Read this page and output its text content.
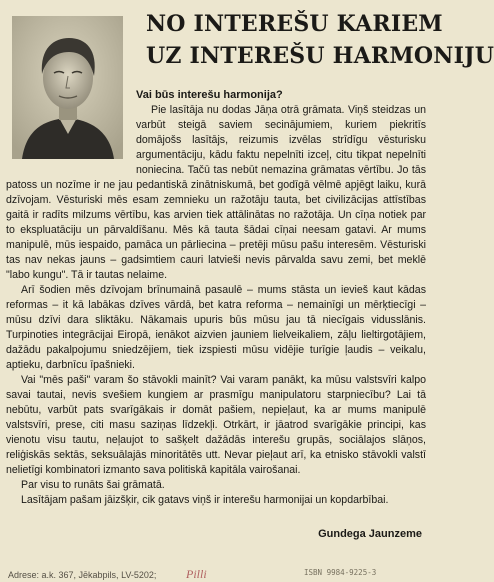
NO INTEREŠU KARIEM
UZ INTEREŠU HARMONIJU

Vai būs interešu harmonija?

Pie lasītāja nu dodas Jāņa otrā grāmata. Viņš steidzas un varbūt steigā saviem secinājumiem, kuriem piekritīs domājošs lasītājs, reizumis izvēlas strīdīgu vēsturisku argumentāciju, kādu faktu nepelnīti izceļ, citu tikpat nepelnīti noniecina. Tačū tas nebūt nemazina grāmatas vērtību. Jo tās patoss un nozīme ir ne jau pedantiskā zinātniskumā, bet godīgā vēlmē apjēgt laiku, kurā dzīvojam. Vēsturiski mēs esam zemnieku un ražotāju tauta, bet civilizācijas attīstības gaitā ir radīts milzums vērtību, kas arvien tiek attālinātas no ražotāja. Un cīņa notiek par to ekspluatāciju un pārvaldīšanu. Mēs kā tauta šādai cīņai neesam gatavi. Ar mums manipulē, mūs iespaido, pamāca un pārliecina – pretēji mūsu pašu interesēm. Vēsturiski tas nav nekas jauns – gadsimtiem cauri latvieši nevis pārvalda savu zemi, bet meklē "labo kungu". Tā ir tautas nelaime.

Arī šodien mēs dzīvojam brīnumainā pasaulē – mums stāsta un ievieš kaut kādas reformas – it kā labākas dzīves vārdā, bet katra reforma – nemainīgi un mērķtiecīgi – mūsu dzīvi dara sliktāku. Nākamais upuris būs mūsu jau tā niecīgais vidusslānis. Turpinoties integrācijai Eiropā, ienākot aizvien jauniem lielveikaliem, zāļu lieltirgotājiem, dažādu pakalpojumu sniedzējiem, tiek izspiesti mūsu vidējie turīgie ļaudis – veikalu, aptieku, darbnīcu īpašnieki.

Vai "mēs paši" varam šo stāvokli mainīt? Vai varam panākt, ka mūsu valstsvīri kalpo savai tautai, nevis svešiem kungiem ar prasmīgu manipulatoru starpniecību? Lai tā nebūtu, varbūt pats svarīgākais ir domāt pašiem, nepieļaut, ka ar mums manipulē valstsvīri, prese, citi masu saziņas līdzekļi. Otrkārt, ir jāatrod svarīgākie principi, kas vienotu visu tautu, neļaujot to sašķelt dažādās interešu grupās, sociālajos slāņos, reliģiskās sektās, seksuālajās minoritātēs utt. Nevar pieļaut arī, ka etnisko stāvokli valstī nelietīgi kombinatori izmanto sava politiskā kapitāla vairošanai.

Par visu to runāts šai grāmatā.

Lasītājam pašam jāizšķir, cik gatavs viņš ir interešu harmonijai un kopdarbībai.

Gundega Jaunzeme
Adrese: a.k. 367, Jēkabpils, LV-5202; Pilli	ISBN 9984-9225-3
